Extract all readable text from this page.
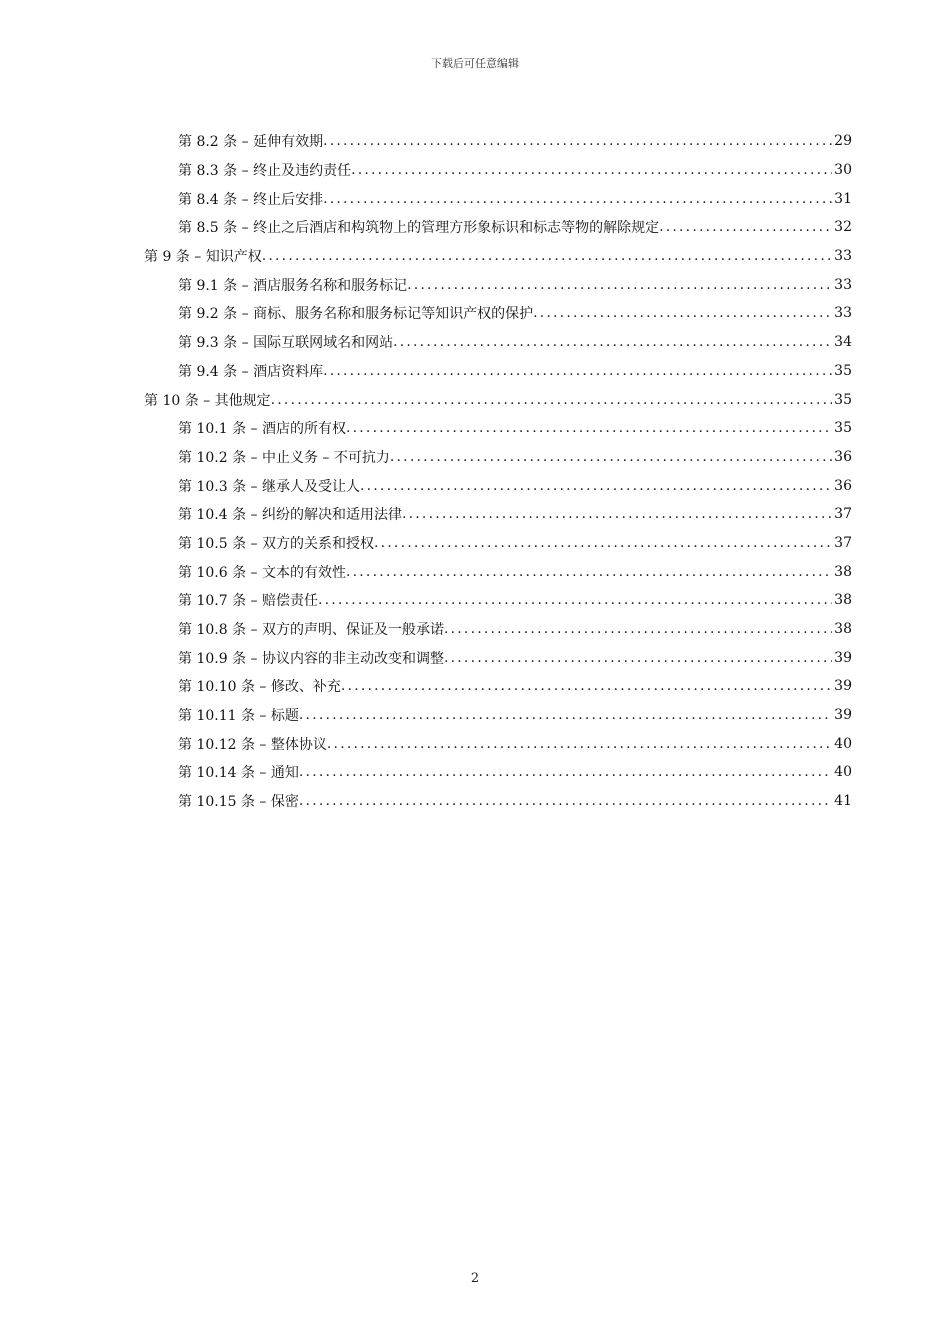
下载后可任意编辑
第 8.2 条 – 延伸有效期 .....	29
第 8.3 条 – 终止及违约责任 .....	30
第 8.4 条 – 终止后安排 .....	31
第 8.5 条 – 终止之后酒店和构筑物上的管理方形象标识和标志等物的解除规定 .....	32
第 9 条 – 知识产权 .....	33
第 9.1 条 – 酒店服务名称和服务标记 .....	33
第 9.2 条 – 商标、服务名称和服务标记等知识产权的保护 .....	33
第 9.3 条 – 国际互联网域名和网站 .....	34
第 9.4 条 – 酒店资料库 .....	35
第 10 条 – 其他规定 .....	35
第 10.1 条 – 酒店的所有权 .....	35
第 10.2 条 – 中止义务 – 不可抗力 .....	36
第 10.3 条 – 继承人及受让人 .....	36
第 10.4 条 – 纠纷的解决和适用法律 .....	37
第 10.5 条 – 双方的关系和授权 .....	37
第 10.6 条 – 文本的有效性 .....	38
第 10.7 条 – 赔偿责任 .....	38
第 10.8 条 – 双方的声明、保证及一般承诺 .....	38
第 10.9 条 – 协议内容的非主动改变和调整 .....	39
第 10.10 条 – 修改、补充 .....	39
第 10.11 条 – 标题 .....	39
第 10.12 条 – 整体协议 .....	40
第 10.14 条 – 通知 .....	40
第 10.15 条 – 保密 .....	41
2
